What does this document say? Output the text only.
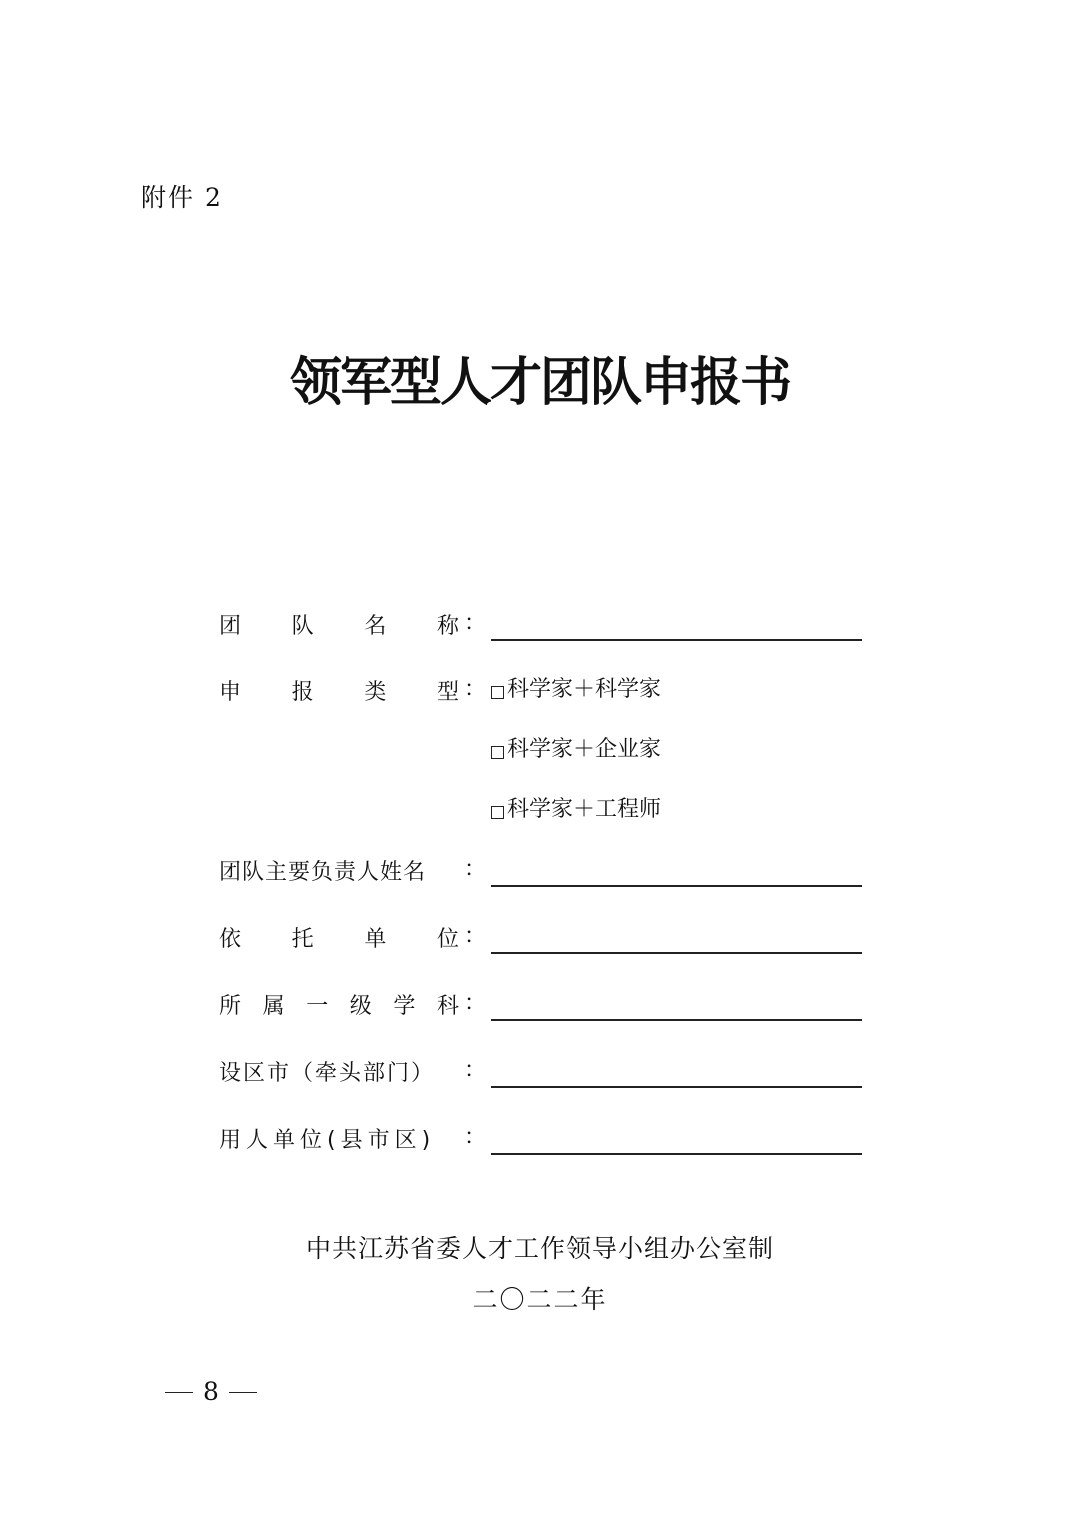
附件 2
领军型人才团队申报书
团 队 名 称 ：
申 报 类 型 ： 科学家＋科学家
科学家＋企业家
科学家＋工程师
团队主要负责人姓名	：
依 托 单 位 ：
所 属 一 级 学 科 ：
设区市（牵头部门）	：
用人单位(县市区)	：
中共江苏省委人才工作领导小组办公室制
二〇二二年
8
